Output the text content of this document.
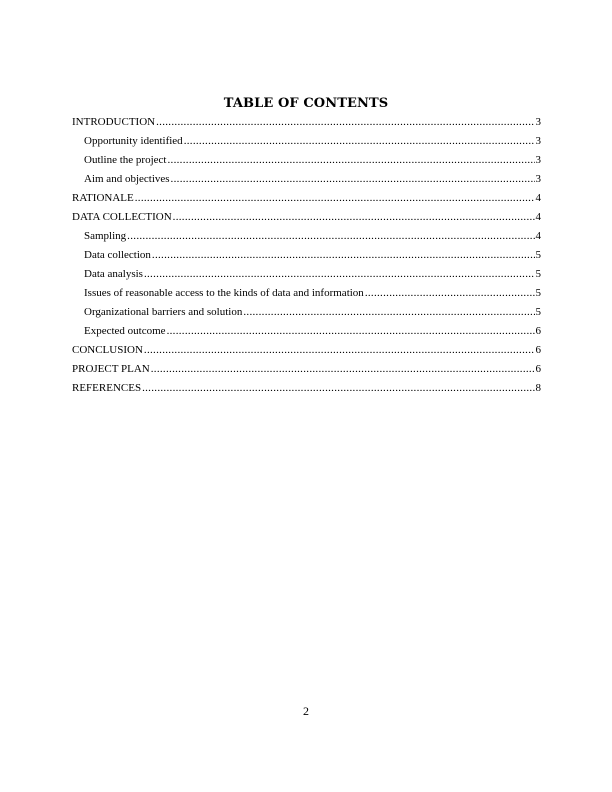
TABLE OF CONTENTS
INTRODUCTION .....	3
Opportunity identified .....	3
Outline the project .....	3
Aim and objectives .....	3
RATIONALE .....	4
DATA COLLECTION .....	4
Sampling .....	4
Data collection .....	5
Data analysis .....	5
Issues of reasonable access to the kinds of data and information .....	5
Organizational barriers and solution .....	5
Expected outcome .....	6
CONCLUSION .....	6
PROJECT PLAN .....	6
REFERENCES .....	8
2
